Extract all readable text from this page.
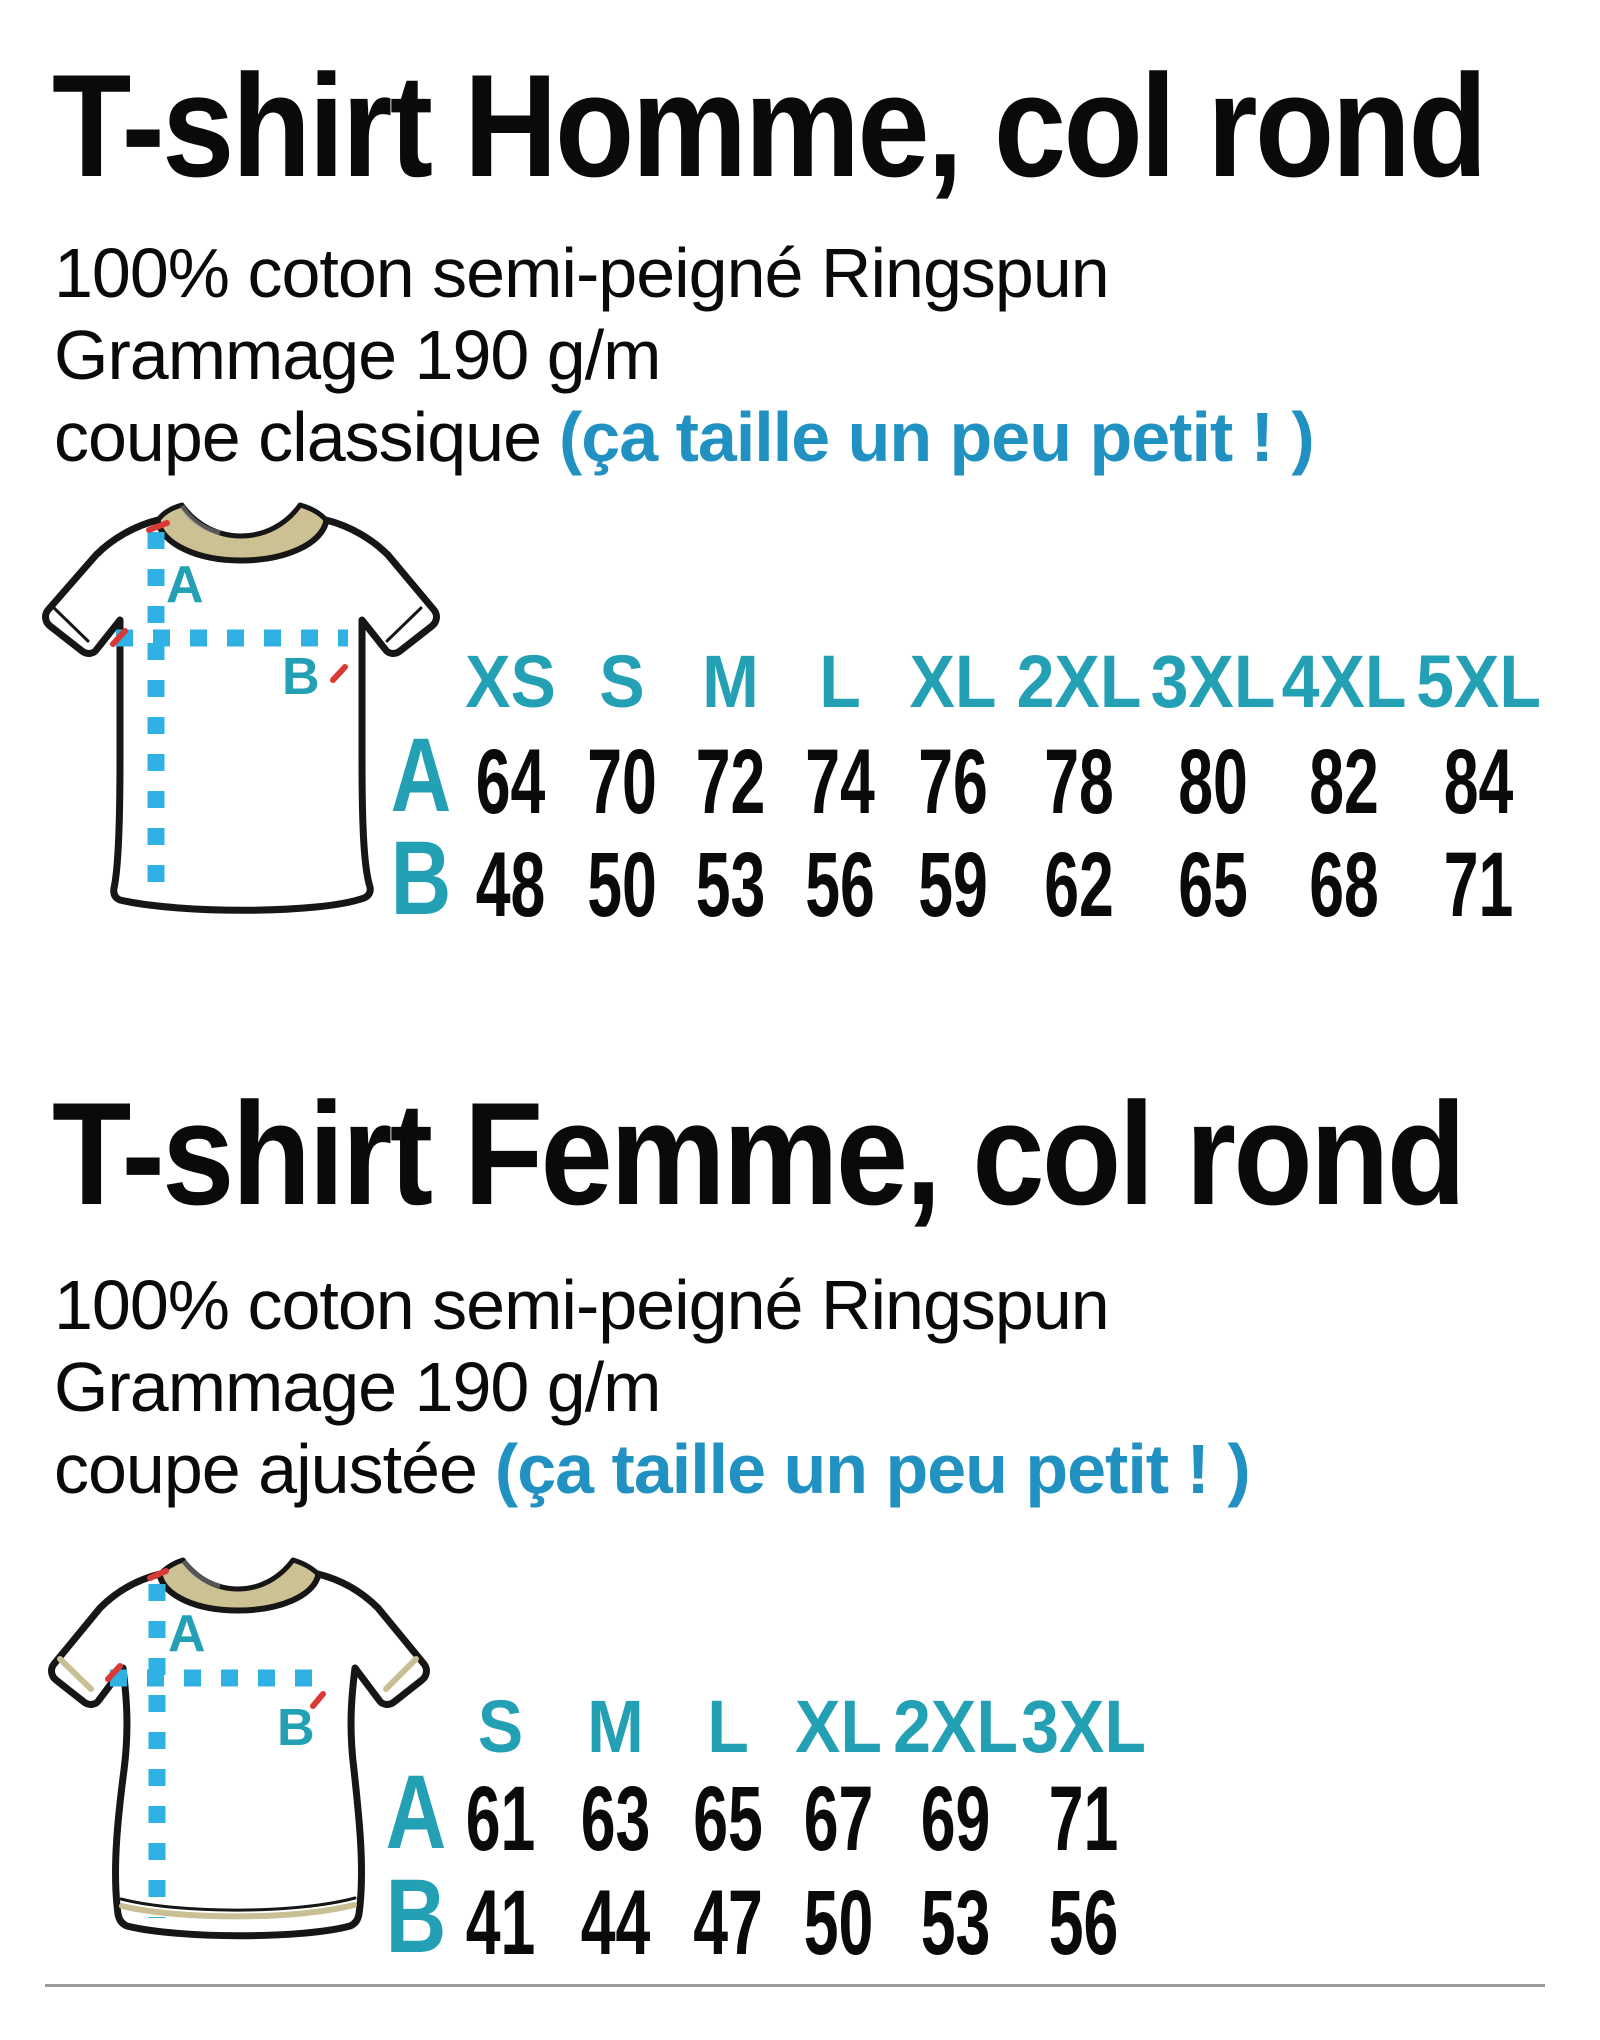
T-shirt Homme, col rond
100% coton semi-peigné Ringspun
Grammage 190 g/m
coupe classique (ça taille un peu petit ! )
A
B XS S M L XL 2XL 3XL 4XL 5XL
A 64 70 72 74 76 78 80 82 84
B 48 50 53 56 59 62 65 68 71
T-shirt Femme, col rond
100% coton semi-peigné Ringspun
Grammage 190 g/m
coupe ajustée (ça taille un peu petit ! )
A
B	S M L XL 2XL 3XL
A 61 63 65 67 69 71
B 41 44 47 50 53 56
